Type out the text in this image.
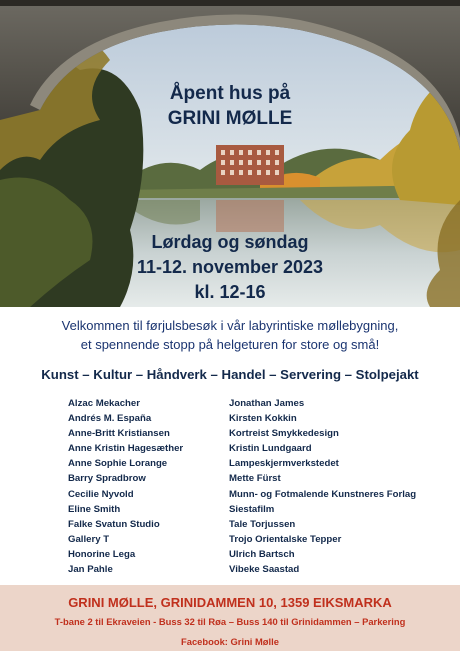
Åpent hus på
GRINI MØLLE
Lørdag og søndag
11-12. november 2023
kl. 12-16
Velkommen til førjulsbesøk i vår labyrintiske møllebygning,
et spennende stopp på helgeturen for store og små!
Kunst – Kultur – Håndverk – Handel – Servering – Stolpejakt
Alzac Mekacher
Andrés M. España
Anne-Britt Kristiansen
Anne Kristin Hagesæther
Anne Sophie Lorange
Barry Spradbrow
Cecilie Nyvold
Eline Smith
Falke Svatun Studio
Gallery T
Honorine Lega
Jan Pahle
Jonathan James
Kirsten Kokkin
Kortreist Smykkedesign
Kristin Lundgaard
Lampeskjermverkstedet
Mette Fürst
Munn- og Fotmalende Kunstneres Forlag
Siestafilm
Tale Torjussen
Trojo Orientalske Tepper
Ulrich Bartsch
Vibeke Saastad
GRINI MØLLE, GRINIDAMMEN 10, 1359 EIKSMARKA
T-bane 2 til Ekraveien - Buss 32 til Røa – Buss 140 til Grinidammen – Parkering
Facebook: Grini Mølle
